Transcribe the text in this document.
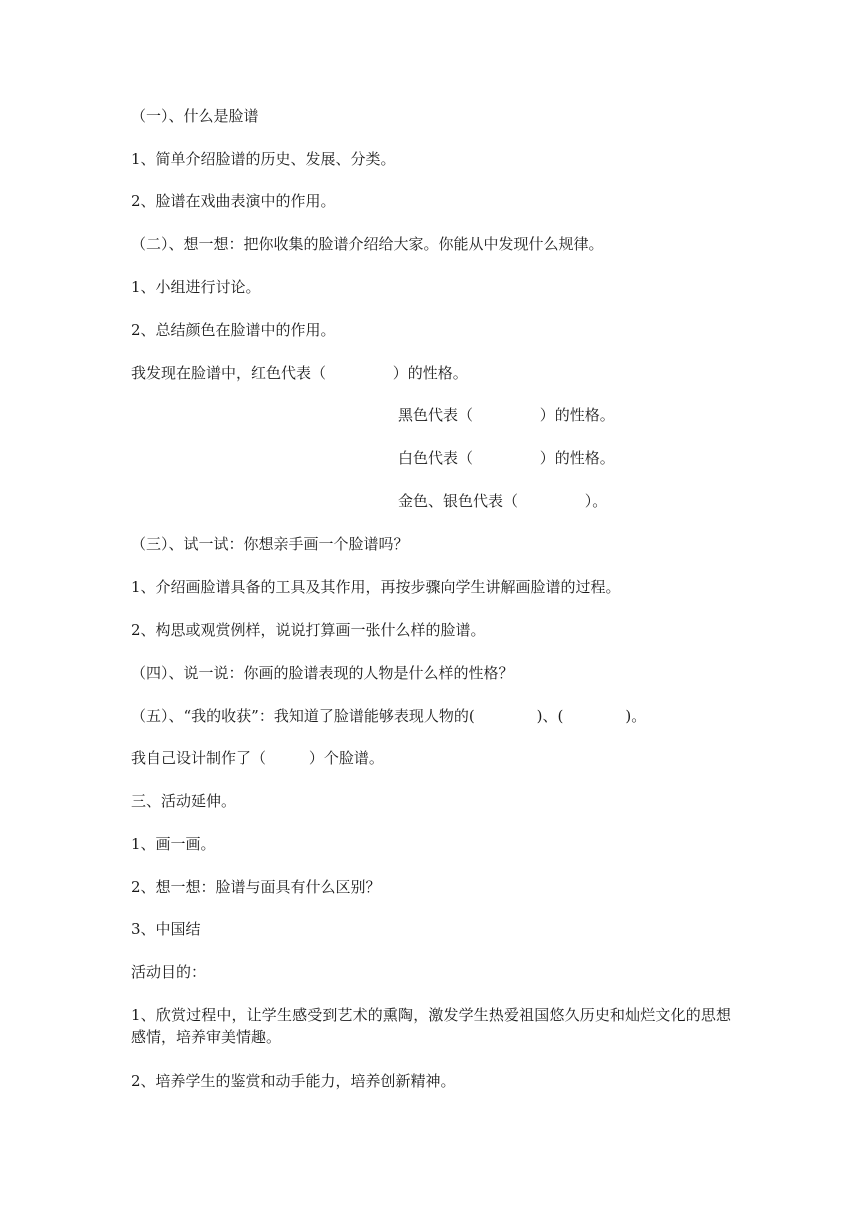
（一）、什么是脸谱
1、简单介绍脸谱的历史、发展、分类。
2、脸谱在戏曲表演中的作用。
（二）、想一想：把你收集的脸谱介绍给大家。你能从中发现什么规律。
1、小组进行讨论。
2、总结颜色在脸谱中的作用。
我发现在脸谱中，红色代表（              ）的性格。
黑色代表（              ）的性格。
白色代表（              ）的性格。
金色、银色代表（              ）。
（三）、试一试：你想亲手画一个脸谱吗？
1、介绍画脸谱具备的工具及其作用，再按步骤向学生讲解画脸谱的过程。
2、构思或观赏例样，说说打算画一张什么样的脸谱。
（四）、说一说：你画的脸谱表现的人物是什么样的性格？
（五）、“我的收获”：我知道了脸谱能够表现人物的(             )、(             )。
我自己设计制作了（         ）个脸谱。
三、活动延伸。
1、画一画。
2、想一想：脸谱与面具有什么区别？
3、中国结
活动目的：
1、欣赏过程中，让学生感受到艺术的熏陶，激发学生热爱祖国悠久历史和灿烂文化的思想感情，培养审美情趣。
2、培养学生的鉴赏和动手能力，培养创新精神。
